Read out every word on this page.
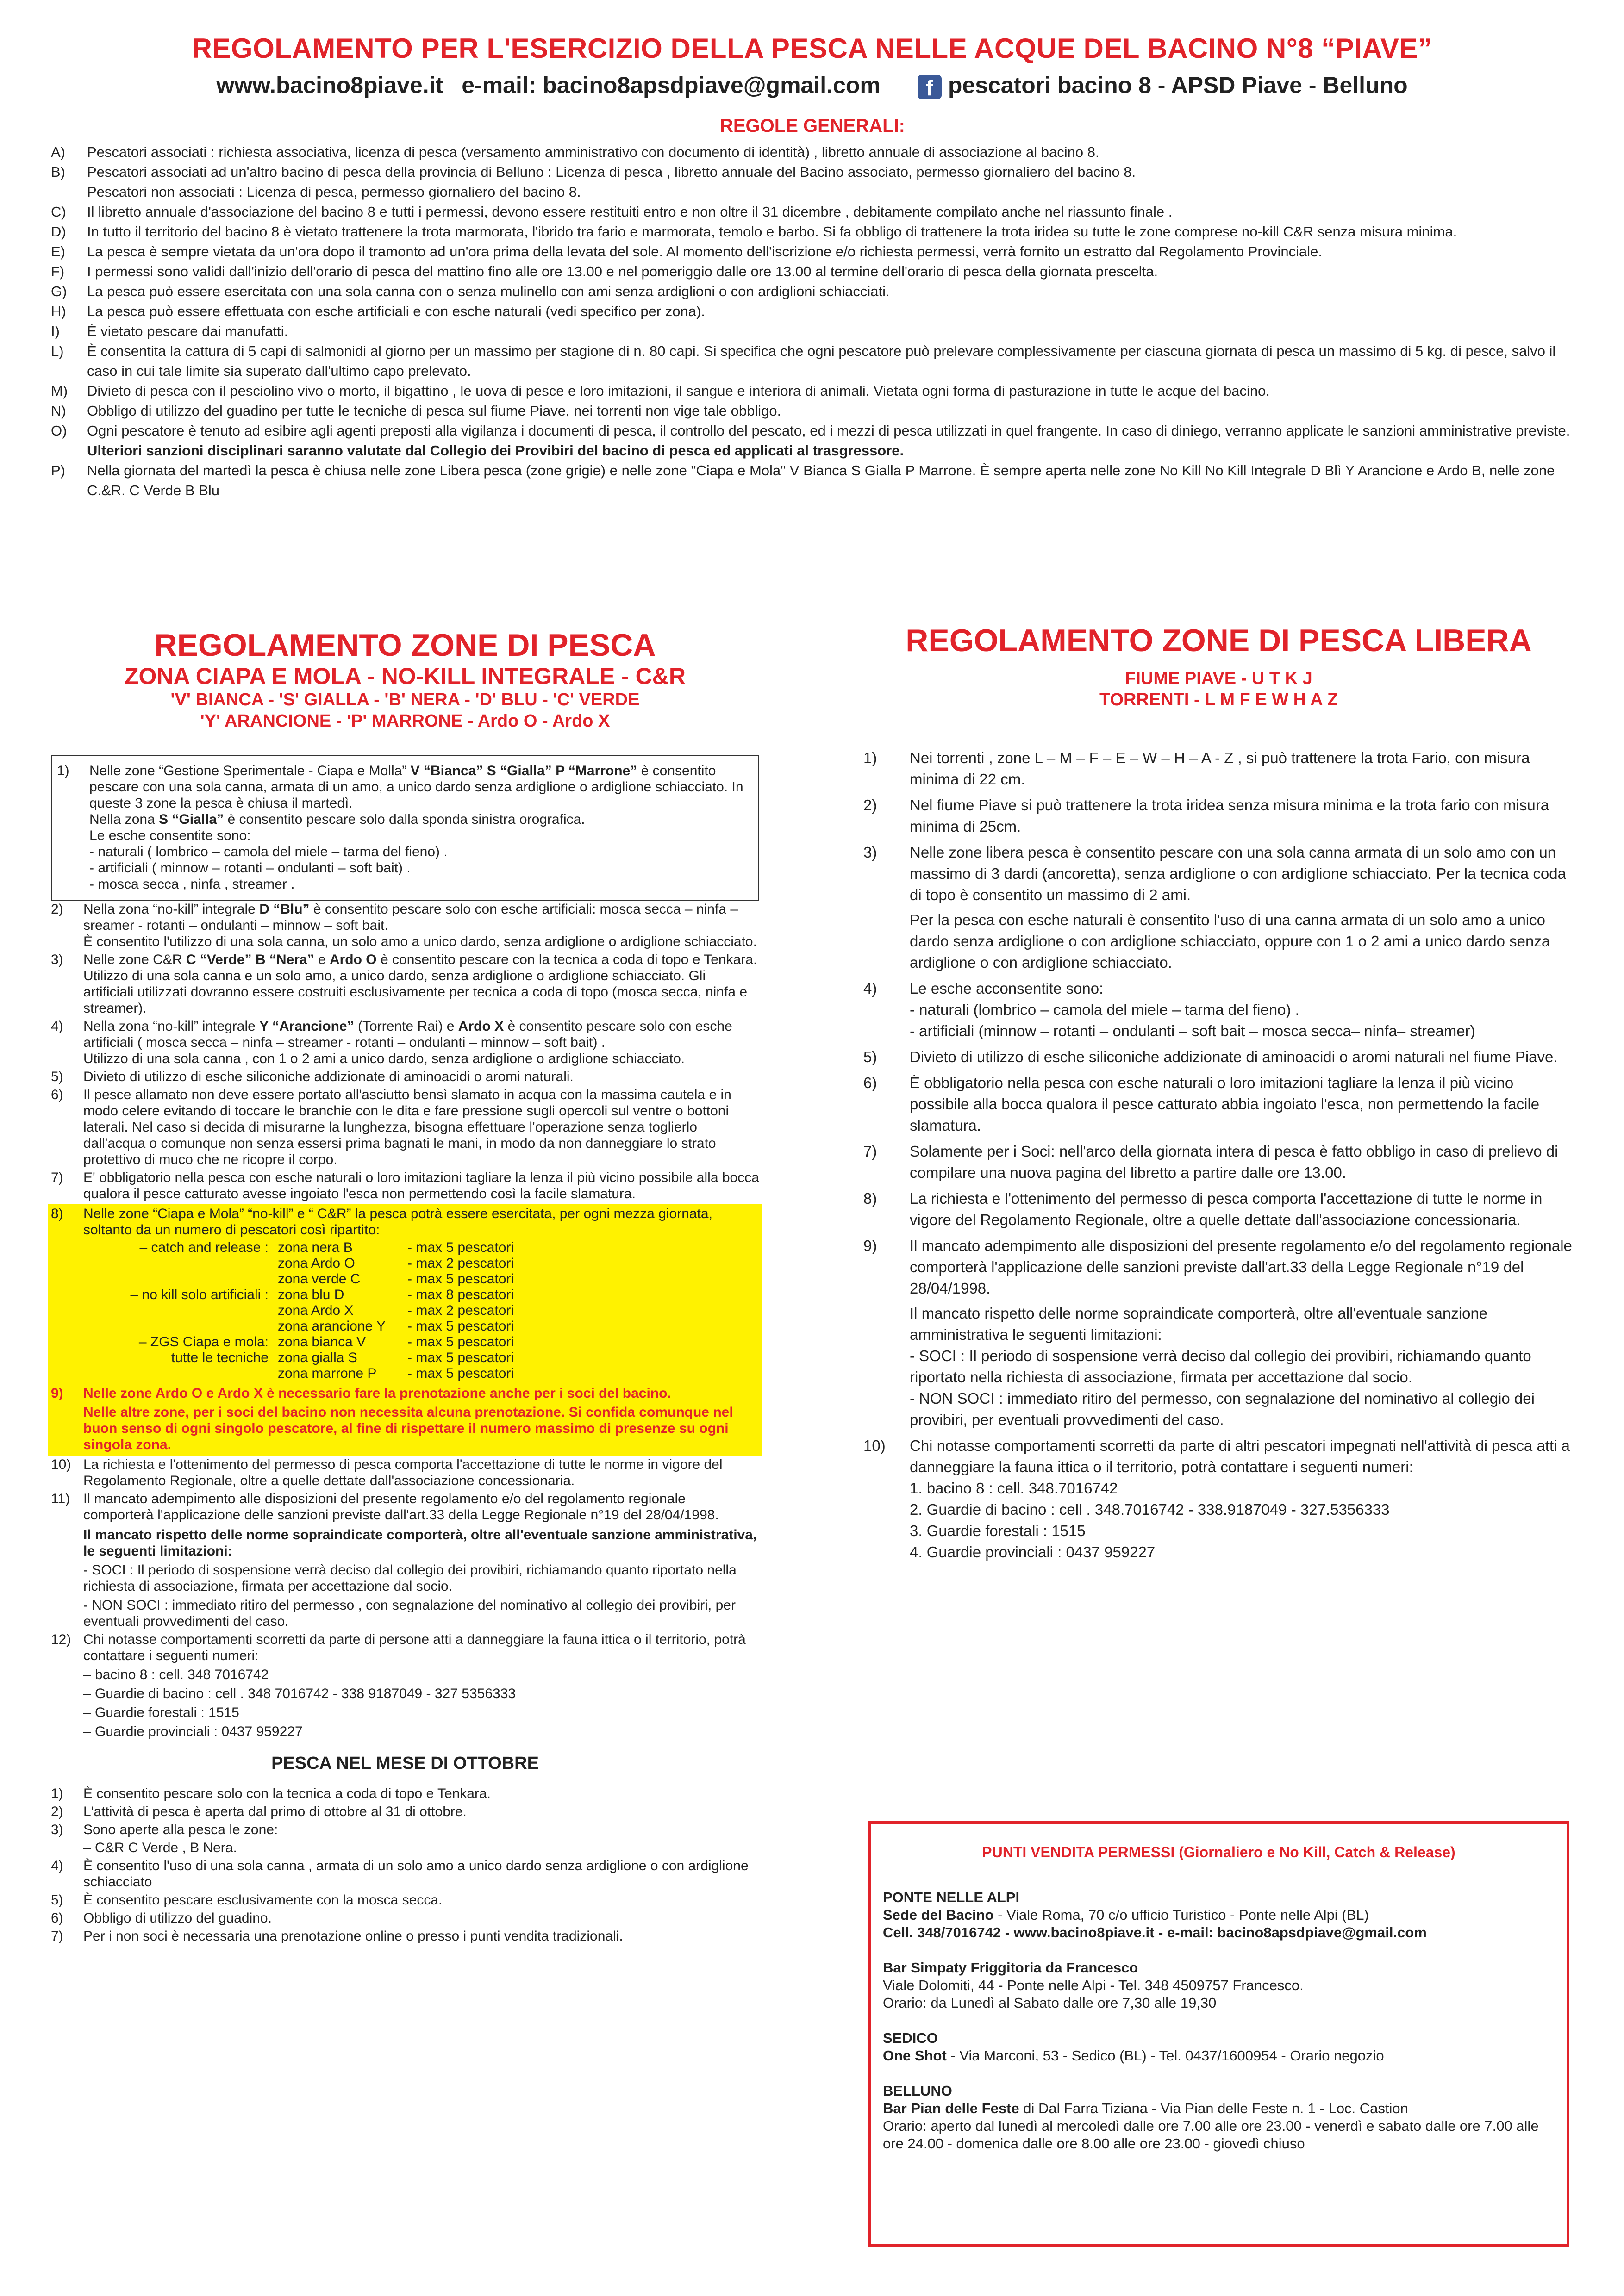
REGOLAMENTO PER L'ESERCIZIO DELLA PESCA NELLE ACQUE DEL BACINO N°8 “PIAVE”
www.bacino8piave.it e-mail: bacino8apsdpiave@gmail.com	f pescatori bacino 8 - APSD Piave - Belluno
REGOLE GENERALI:
A)	Pescatori associati : richiesta associativa, licenza di pesca (versamento amministrativo con documento di identità) , libretto annuale di associazione al bacino 8.
B)	Pescatori associati ad un'altro bacino di pesca della provincia di Belluno : Licenza di pesca , libretto annuale del Bacino associato, permesso giornaliero del bacino 8.
Pescatori non associati : Licenza di pesca, permesso giornaliero del bacino 8.
C)	Il libretto annuale d'associazione del bacino 8 e tutti i permessi, devono essere restituiti entro e non oltre il 31 dicembre , debitamente compilato anche nel riassunto finale .
D)	In tutto il territorio del bacino 8 è vietato trattenere la trota marmorata, l'ibrido tra fario e marmorata, temolo e barbo. Si fa obbligo di trattenere la trota iridea su tutte le zone comprese no-kill C&R senza misura minima.
E)	La pesca è sempre vietata da un'ora dopo il tramonto ad un'ora prima della levata del sole. Al momento dell'iscrizione e/o richiesta permessi, verrà fornito un estratto dal Regolamento Provinciale.
F)	I permessi sono validi dall'inizio dell'orario di pesca del mattino fino alle ore 13.00 e nel pomeriggio dalle ore 13.00 al termine dell'orario di pesca della giornata prescelta.
G)	La pesca può essere esercitata con una sola canna con o senza mulinello con ami senza ardiglioni o con ardiglioni schiacciati.
H)	La pesca può essere effettuata con esche artificiali e con esche naturali (vedi specifico per zona).
I)	È vietato pescare dai manufatti.
L)	È consentita la cattura di 5 capi di salmonidi al giorno per un massimo per stagione di n. 80 capi. Si specifica che ogni pescatore può prelevare complessivamente per ciascuna giornata di pesca un massimo di 5 kg. di pesce, salvo il caso in cui tale limite sia superato dall'ultimo capo prelevato.
M)	Divieto di pesca con il pesciolino vivo o morto, il bigattino , le uova di pesce e loro imitazioni, il sangue e interiora di animali. Vietata ogni forma di pasturazione in tutte le acque del bacino.
N)	Obbligo di utilizzo del guadino per tutte le tecniche di pesca sul fiume Piave, nei torrenti non vige tale obbligo.
O)	Ogni pescatore è tenuto ad esibire agli agenti preposti alla vigilanza i documenti di pesca, il controllo del pescato, ed i mezzi di pesca utilizzati in quel frangente. In caso di diniego, verranno applicate le sanzioni amministrative previste. Ulteriori sanzioni disciplinari saranno valutate dal Collegio dei Provibiri del bacino di pesca ed applicati al trasgressore.
P)	Nella giornata del martedì la pesca è chiusa nelle zone Libera pesca (zone grigie) e nelle zone "Ciapa e Mola" V Bianca S Gialla P Marrone. È sempre aperta nelle zone No Kill No Kill Integrale D Blì Y Arancione e Ardo B, nelle zone C.&R. C Verde B Blu
REGOLAMENTO ZONE DI PESCA
ZONA CIAPA E MOLA - NO-KILL INTEGRALE - C&R
'V' BIANCA - 'S' GIALLA - 'B' NERA - 'D' BLU - 'C' VERDE
'Y' ARANCIONE - 'P' MARRONE - Ardo O - Ardo X
1)	Nelle zone “Gestione Sperimentale - Ciapa e Molla” V “Bianca” S “Gialla” P “Marrone” è consentito pescare con una sola canna, armata di un amo, a unico dardo senza ardiglione o ardiglione schiacciato. In queste 3 zone la pesca è chiusa il martedì.
Nella zona S “Gialla” è consentito pescare solo dalla sponda sinistra orografica.
Le esche consentite sono:
- naturali ( lombrico – camola del miele – tarma del fieno) .
- artificiali ( minnow – rotanti – ondulanti – soft bait) .
- mosca secca , ninfa , streamer .
2)	Nella zona “no-kill” integrale D “Blu” è consentito pescare solo con esche artificiali: mosca secca – ninfa – sreamer - rotanti – ondulanti – minnow – soft bait.
È consentito l'utilizzo di una sola canna, un solo amo a unico dardo, senza ardiglione o ardiglione schiacciato.
3)	Nelle zone C&R C “Verde” B “Nera” e Ardo O è consentito pescare con la tecnica a coda di topo e Tenkara. Utilizzo di una sola canna e un solo amo, a unico dardo, senza ardiglione o ardiglione schiacciato. Gli artificiali utilizzati dovranno essere costruiti esclusivamente per tecnica a coda di topo (mosca secca, ninfa e streamer).
4)	Nella zona “no-kill” integrale Y “Arancione” (Torrente Rai) e Ardo X è consentito pescare solo con esche artificiali ( mosca secca – ninfa – streamer - rotanti – ondulanti – minnow – soft bait) .
Utilizzo di una sola canna , con 1 o 2 ami a unico dardo, senza ardiglione o ardiglione schiacciato.
5)	Divieto di utilizzo di esche siliconiche addizionate di aminoacidi o aromi naturali.
6)	Il pesce allamato non deve essere portato all'asciutto bensì slamato in acqua con la massima cautela e in modo celere evitando di toccare le branchie con le dita e fare pressione sugli opercoli sul ventre o bottoni laterali. Nel caso si decida di misurarne la lunghezza, bisogna effettuare l'operazione senza toglierlo dall'acqua o comunque non senza essersi prima bagnati le mani, in modo da non danneggiare lo strato protettivo di muco che ne ricopre il corpo.
7)	E' obbligatorio nella pesca con esche naturali o loro imitazioni tagliare la lenza il più vicino possibile alla bocca qualora il pesce catturato avesse ingoiato l'esca non permettendo così la facile slamatura.
8)	Nelle zone “Ciapa e Mola” “no-kill” e “ C&R” la pesca potrà essere esercitata, per ogni mezza giornata, soltanto da un numero di pescatori così ripartito:
– catch and release : zona nera B	- max 5 pescatori
zona Ardo O	- max 2 pescatori
zona verde C	- max 5 pescatori
– no kill solo artificiali : zona blu D	- max 8 pescatori
zona Ardo X	- max 2 pescatori
zona arancione Y	- max 5 pescatori
– ZGS Ciapa e mola: zona bianca V	- max 5 pescatori
tutte le tecniche zona gialla S	- max 5 pescatori
zona marrone P	- max 5 pescatori
9)	Nelle zone Ardo O e Ardo X è necessario fare la prenotazione anche per i soci del bacino.
Nelle altre zone, per i soci del bacino non necessita alcuna prenotazione. Si confida comunque nel buon senso di ogni singolo pescatore, al fine di rispettare il numero massimo di presenze su ogni singola zona.
10) La richiesta e l'ottenimento del permesso di pesca comporta l'accettazione di tutte le norme in vigore del Regolamento Regionale, oltre a quelle dettate dall'associazione concessionaria.
11) Il mancato adempimento alle disposizioni del presente regolamento e/o del regolamento regionale comporterà l'applicazione delle sanzioni previste dall'art.33 della Legge Regionale n°19 del 28/04/1998.
Il mancato rispetto delle norme sopraindicate comporterà, oltre all'eventuale sanzione amministrativa, le seguenti limitazioni:
- SOCI : Il periodo di sospensione verrà deciso dal collegio dei provibiri, richiamando quanto riportato nella richiesta di associazione, firmata per accettazione dal socio.
- NON SOCI : immediato ritiro del permesso , con segnalazione del nominativo al collegio dei provibiri, per eventuali provvedimenti del caso.
12) Chi notasse comportamenti scorretti da parte di persone atti a danneggiare la fauna ittica o il territorio, potrà contattare i seguenti numeri:
– bacino 8 : cell. 348 7016742
– Guardie di bacino : cell . 348 7016742 - 338 9187049 - 327 5356333
– Guardie forestali : 1515
– Guardie provinciali : 0437 959227
PESCA NEL MESE DI OTTOBRE
1)	È consentito pescare solo con la tecnica a coda di topo e Tenkara.
2)	L'attività di pesca è aperta dal primo di ottobre al 31 di ottobre.
3)	Sono aperte alla pesca le zone:
– C&R C Verde , B Nera.
4)	È consentito l'uso di una sola canna , armata di un solo amo a unico dardo senza ardiglione o con ardiglione schiacciato
5)	È consentito pescare esclusivamente con la mosca secca.
6)	Obbligo di utilizzo del guadino.
7)	Per i non soci è necessaria una prenotazione online o presso i punti vendita tradizionali.
REGOLAMENTO ZONE DI PESCA LIBERA
FIUME PIAVE - U T K J
TORRENTI - L M F E W H A Z
1)	Nei torrenti , zone L – M – F – E – W – H – A - Z , si può trattenere la trota Fario, con misura minima di 22 cm.
2)	Nel fiume Piave si può trattenere la trota iridea senza misura minima e la trota fario con misura minima di 25cm.
3)	Nelle zone libera pesca è consentito pescare con una sola canna armata di un solo amo con un massimo di 3 dardi (ancoretta), senza ardiglione o con ardiglione schiacciato. Per la tecnica coda di topo è consentito un massimo di 2 ami.
Per la pesca con esche naturali è consentito l'uso di una canna armata di un solo amo a unico dardo senza ardiglione o con ardiglione schiacciato, oppure con 1 o 2 ami a unico dardo senza ardiglione o con ardiglione schiacciato.
4)	Le esche acconsentite sono:
- naturali (lombrico – camola del miele – tarma del fieno) .
- artificiali (minnow – rotanti – ondulanti – soft bait – mosca secca– ninfa– streamer)
5)	Divieto di utilizzo di esche siliconiche addizionate di aminoacidi o aromi naturali nel fiume Piave.
6)	È obbligatorio nella pesca con esche naturali o loro imitazioni tagliare la lenza il più vicino possibile alla bocca qualora il pesce catturato abbia ingoiato l'esca, non permettendo la facile slamatura.
7)	Solamente per i Soci: nell'arco della giornata intera di pesca è fatto obbligo in caso di prelievo di compilare una nuova pagina del libretto a partire dalle ore 13.00.
8)	La richiesta e l'ottenimento del permesso di pesca comporta l'accettazione di tutte le norme in vigore del Regolamento Regionale, oltre a quelle dettate dall'associazione concessionaria.
9)	Il mancato adempimento alle disposizioni del presente regolamento e/o del regolamento regionale comporterà l'applicazione delle sanzioni previste dall'art.33 della Legge Regionale n°19 del 28/04/1998.
Il mancato rispetto delle norme sopraindicate comporterà, oltre all'eventuale sanzione amministrativa le seguenti limitazioni:
- SOCI : Il periodo di sospensione verrà deciso dal collegio dei provibiri, richiamando quanto riportato nella richiesta di associazione, firmata per accettazione dal socio.
- NON SOCI : immediato ritiro del permesso, con segnalazione del nominativo al collegio dei provibiri, per eventuali provvedimenti del caso.
10)	Chi notasse comportamenti scorretti da parte di altri pescatori impegnati nell'attività di pesca atti a danneggiare la fauna ittica o il territorio, potrà contattare i seguenti numeri:
1. bacino 8 : cell. 348.7016742
2. Guardie di bacino : cell . 348.7016742 - 338.9187049 - 327.5356333
3. Guardie forestali : 1515
4. Guardie provinciali : 0437 959227
PUNTI VENDITA PERMESSI (Giornaliero e No Kill, Catch & Release)
PONTE NELLE ALPI
Sede del Bacino - Viale Roma, 70 c/o ufficio Turistico - Ponte nelle Alpi (BL)
Cell. 348/7016742 - www.bacino8piave.it - e-mail: bacino8apsdpiave@gmail.com
Bar Simpaty Friggitoria da Francesco
Viale Dolomiti, 44 - Ponte nelle Alpi - Tel. 348 4509757 Francesco.
Orario: da Lunedì al Sabato dalle ore 7,30 alle 19,30
SEDICO
One Shot - Via Marconi, 53 - Sedico (BL) - Tel. 0437/1600954 - Orario negozio
BELLUNO
Bar Pian delle Feste di Dal Farra Tiziana - Via Pian delle Feste n. 1 - Loc. Castion
Orario: aperto dal lunedì al mercoledì dalle ore 7.00 alle ore 23.00 - venerdì e sabato dalle ore 7.00 alle ore 24.00 - domenica dalle ore 8.00 alle ore 23.00 - giovedì chiuso
